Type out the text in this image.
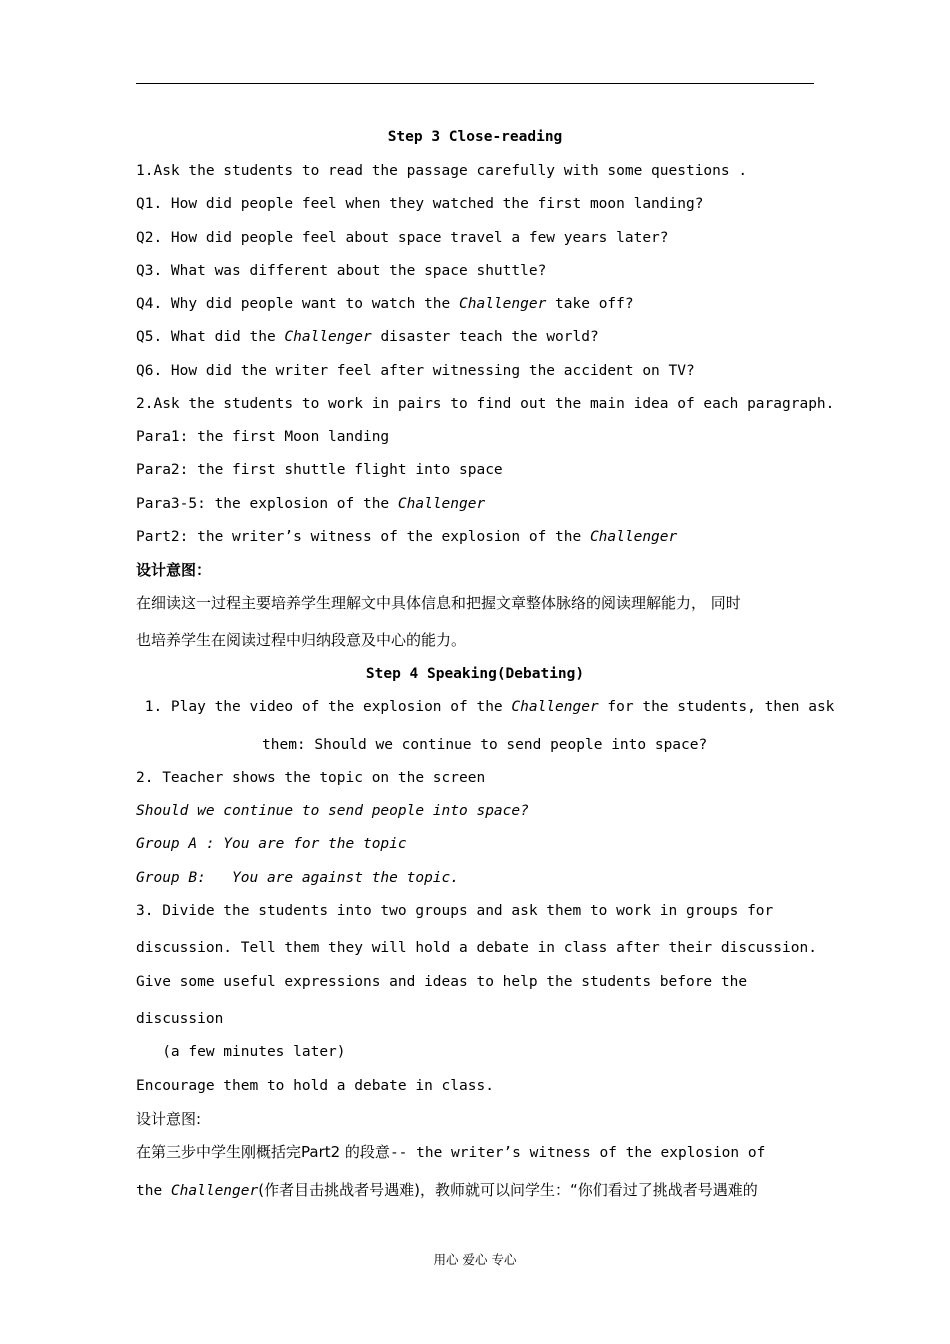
Step 3 Close-reading
1.Ask the students to read the passage carefully with some questions .
Q1. How did people feel when they watched the first moon landing?
Q2. How did people feel about space travel a few years later?
Q3. What was different about the space shuttle?
Q4. Why did people want to watch the Challenger take off?
Q5. What did the Challenger disaster teach the world?
Q6. How did the writer feel after witnessing the accident on TV?
2.Ask the students to work in pairs to find out the main idea of each paragraph.
Para1: the first Moon landing
Para2: the first shuttle flight into space
Para3-5: the explosion of the Challenger
Part2: the writer’s witness of the explosion of the Challenger
设计意图：
在细读这一过程主要培养学生理解文中具体信息和把握文章整体脉络的阅读理解能力， 同时
也培养学生在阅读过程中归纳段意及中心的能力。
Step 4 Speaking(Debating)
1. Play the video of the explosion of the Challenger for the students, then ask
them: Should we continue to send people into space?
2. Teacher shows the topic on the screen
Should we continue to send people into space?
Group A : You are for the topic
Group B:   You are against the topic.
3. Divide the students into two groups and ask them to work in groups for
discussion. Tell them they will hold a debate in class after their discussion.
Give some useful expressions and ideas to help the students before the
discussion
(a few minutes later)
Encourage them to hold a debate in class.
设计意图:
在第三步中学生刚概括完Part2 的段意-- the writer’s witness of the explosion of
the Challenger(作者目击挑战者号遇难)，教师就可以问学生：“你们看过了挑战者号遇难的
用心 爱心 专心
